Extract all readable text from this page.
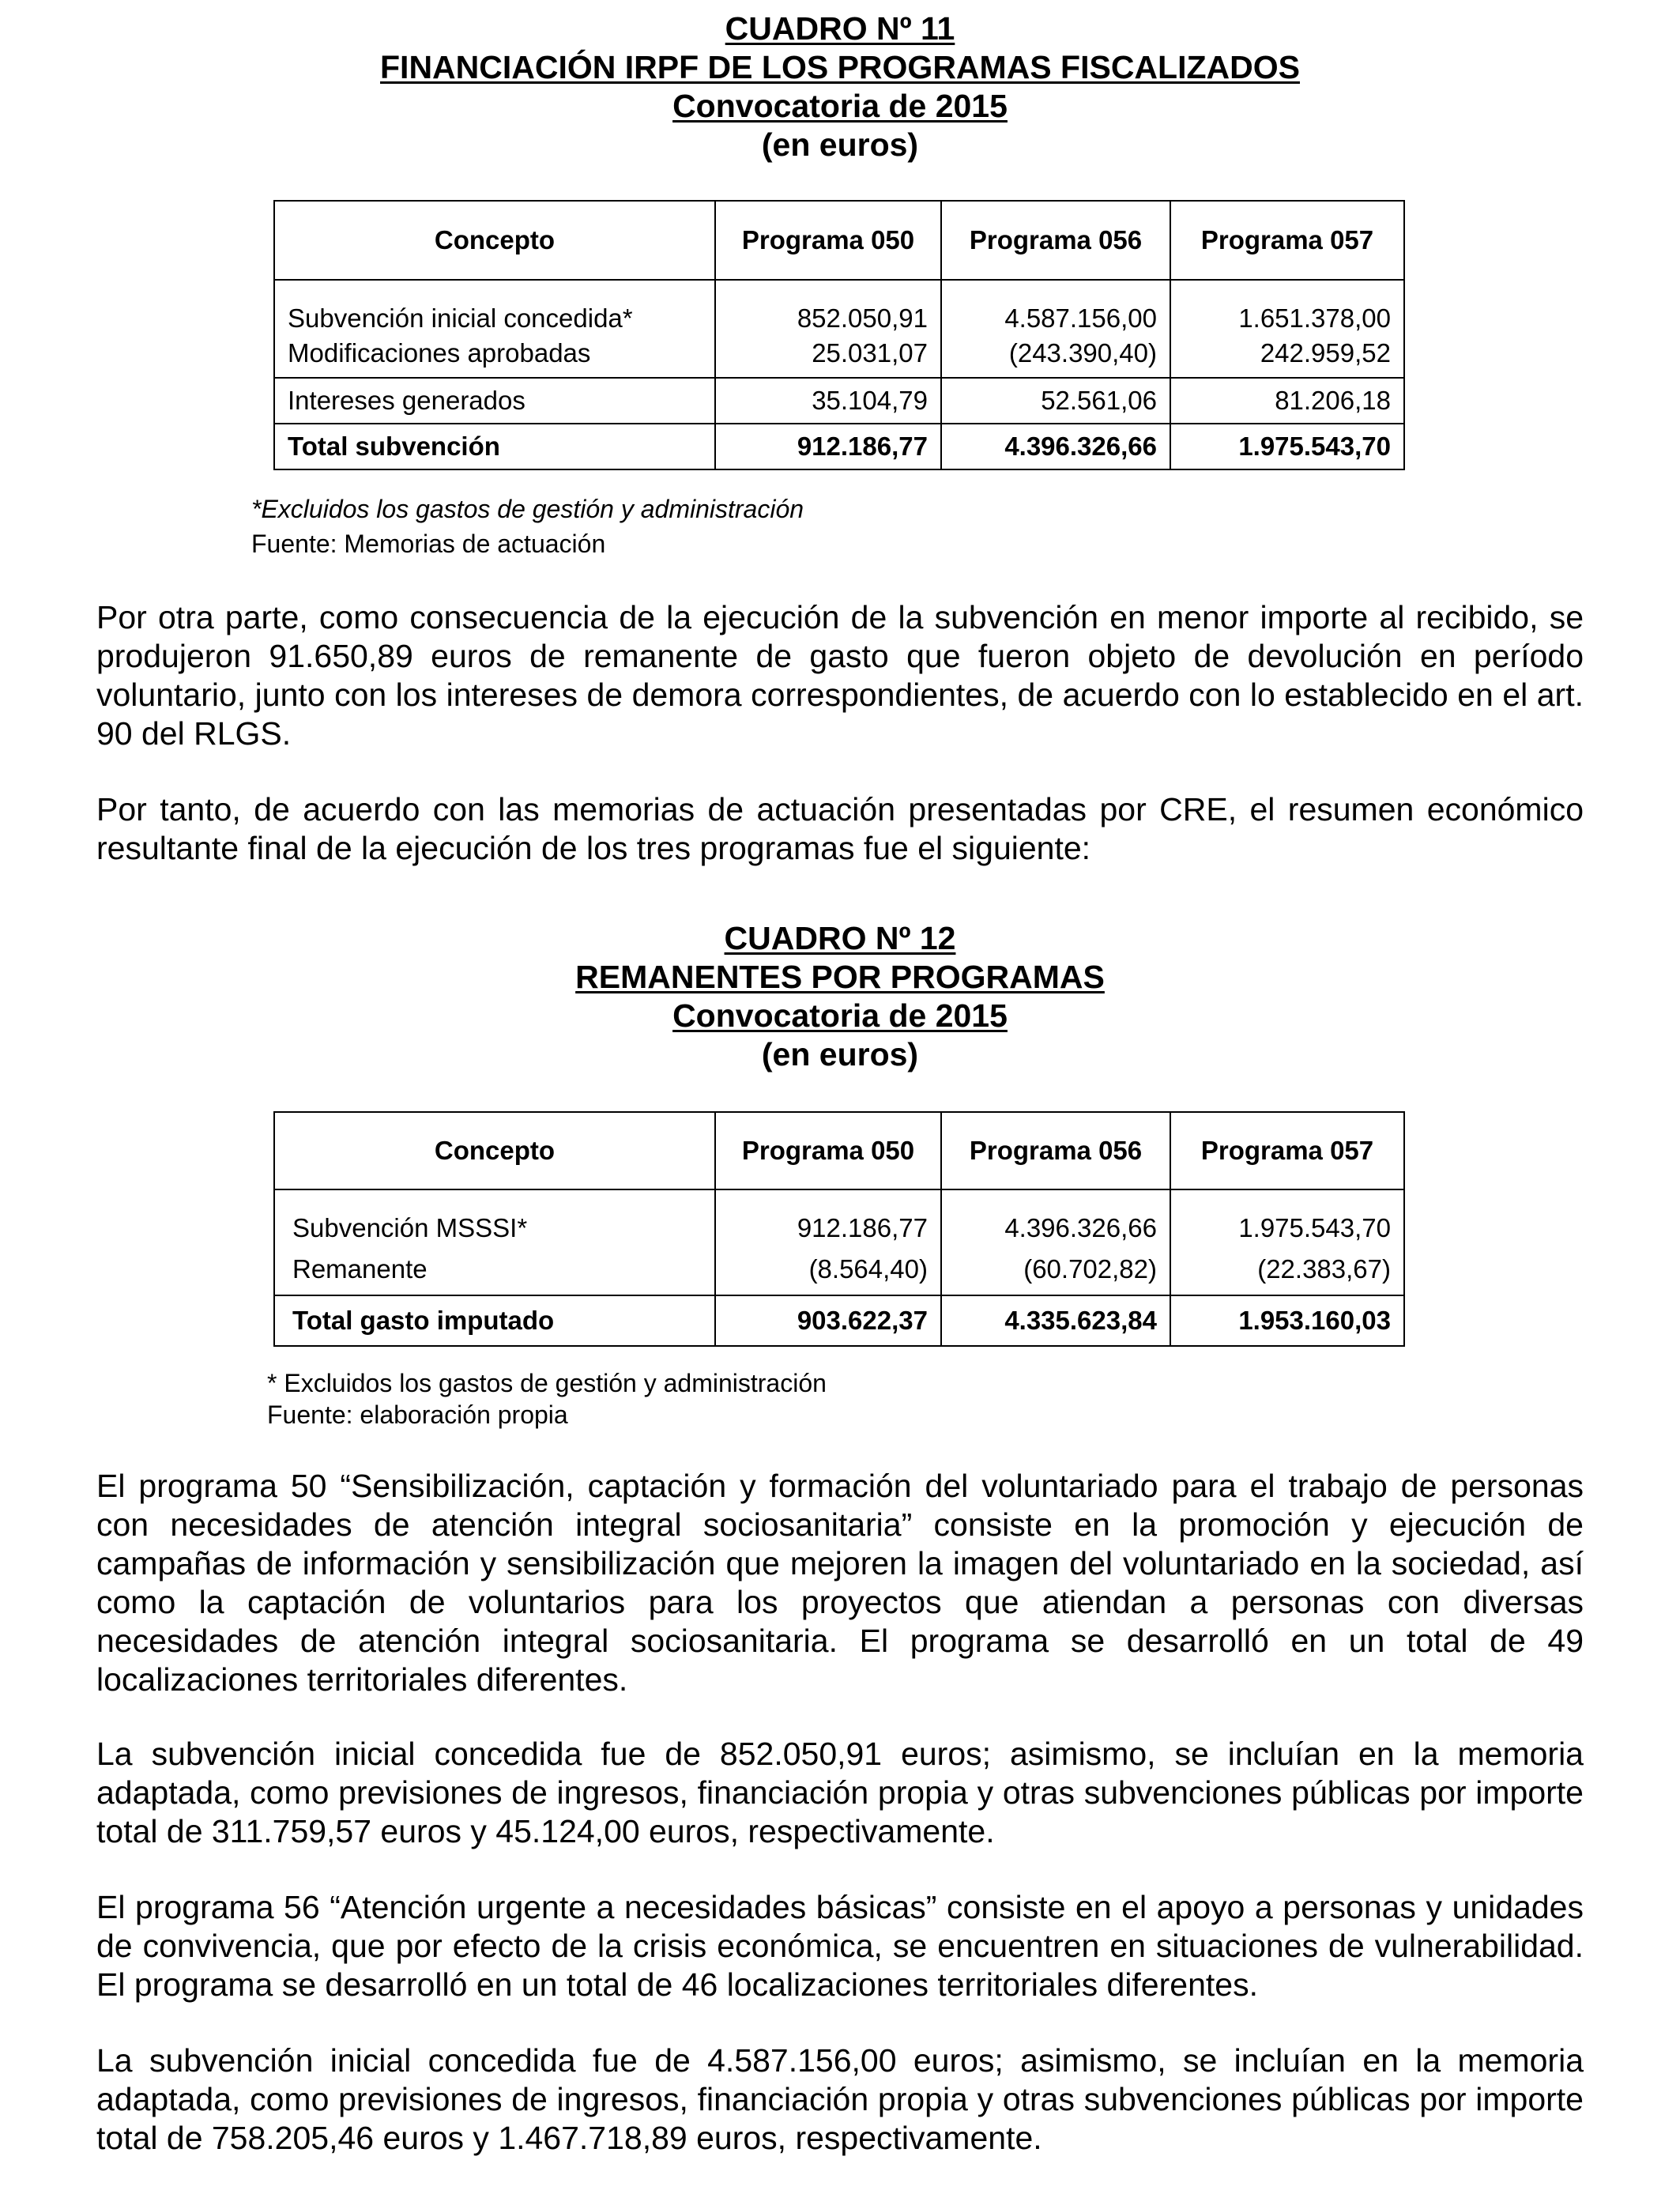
CUADRO Nº 11
FINANCIACIÓN IRPF DE LOS PROGRAMAS FISCALIZADOS
Convocatoria de 2015
(en euros)
Concepto	Programa 050	Programa 056	Programa 057
Subvención inicial concedida*	852.050,91	4.587.156,00	1.651.378,00
Modificaciones aprobadas	25.031,07	(243.390,40)	242.959,52
Intereses generados	35.104,79	52.561,06	81.206,18
Total subvención	912.186,77	4.396.326,66	1.975.543,70
*Excluidos los gastos de gestión y administración
Fuente: Memorias de actuación

Por otra parte, como consecuencia de la ejecución de la subvención en menor importe al recibido, se produjeron 91.650,89 euros de remanente de gasto que fueron objeto de devolución en período voluntario, junto con los intereses de demora correspondientes, de acuerdo con lo establecido en el art. 90 del RLGS.

Por tanto, de acuerdo con las memorias de actuación presentadas por CRE, el resumen económico resultante final de la ejecución de los tres programas fue el siguiente:

CUADRO Nº 12
REMANENTES POR PROGRAMAS
Convocatoria de 2015
(en euros)
Concepto	Programa 050	Programa 056	Programa 057
Subvención MSSSI*	912.186,77	4.396.326,66	1.975.543,70
Remanente	(8.564,40)	(60.702,82)	(22.383,67)
Total gasto imputado	903.622,37	4.335.623,84	1.953.160,03
* Excluidos los gastos de gestión y administración
Fuente: elaboración propia

El programa 50 “Sensibilización, captación y formación del voluntariado para el trabajo de personas con necesidades de atención integral sociosanitaria” consiste en la promoción y ejecución de campañas de información y sensibilización que mejoren la imagen del voluntariado en la sociedad, así como la captación de voluntarios para los proyectos que atiendan a personas con diversas necesidades de atención integral sociosanitaria. El programa se desarrolló en un total de 49 localizaciones territoriales diferentes.

La subvención inicial concedida fue de 852.050,91 euros; asimismo, se incluían en la memoria adaptada, como previsiones de ingresos, financiación propia y otras subvenciones públicas por importe total de 311.759,57 euros y 45.124,00 euros, respectivamente.

El programa 56 “Atención urgente a necesidades básicas” consiste en el apoyo a personas y unidades de convivencia, que por efecto de la crisis económica, se encuentren en situaciones de vulnerabilidad. El programa se desarrolló en un total de 46 localizaciones territoriales diferentes.

La subvención inicial concedida fue de 4.587.156,00 euros; asimismo, se incluían en la memoria adaptada, como previsiones de ingresos, financiación propia y otras subvenciones públicas por importe total de 758.205,46 euros y 1.467.718,89 euros, respectivamente.
